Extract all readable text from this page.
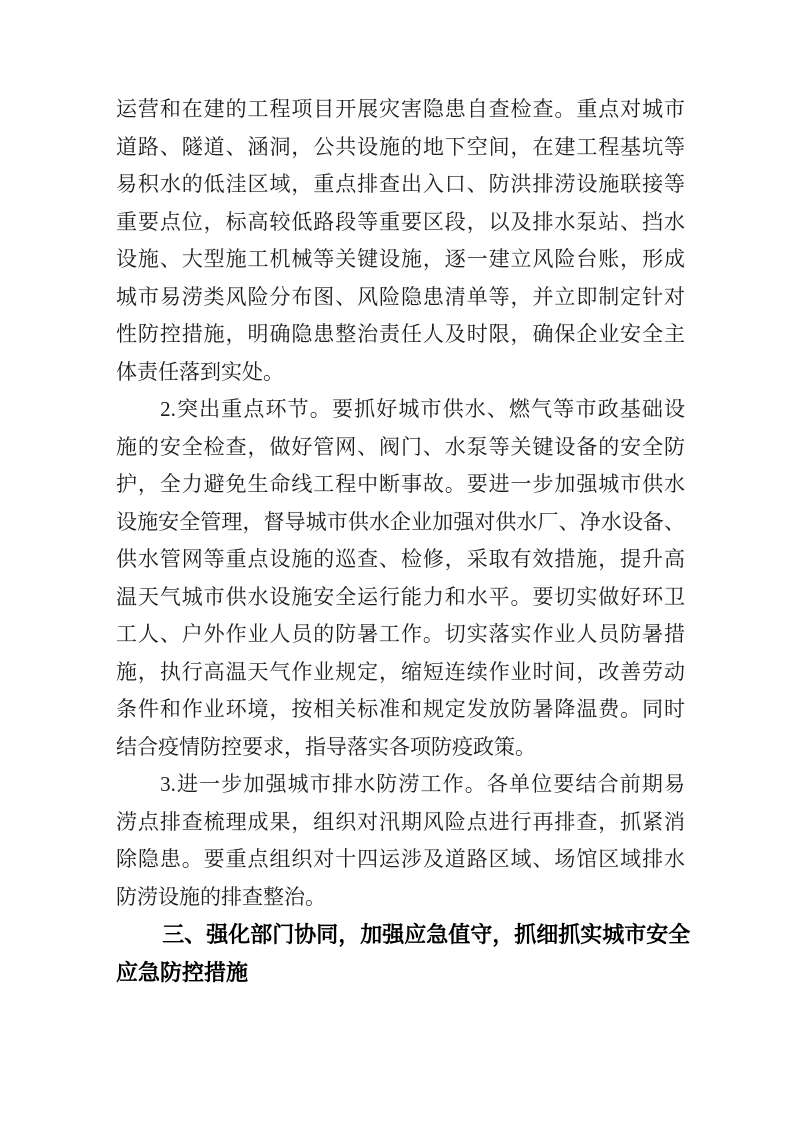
运营和在建的工程项目开展灾害隐患自查检查。重点对城市
道路、隧道、涵洞，公共设施的地下空间，在建工程基坑等
易积水的低洼区域，重点排查出入口、防洪排涝设施联接等
重要点位，标高较低路段等重要区段，以及排水泵站、挡水
设施、大型施工机械等关键设施，逐一建立风险台账，形成
城市易涝类风险分布图、风险隐患清单等，并立即制定针对
性防控措施，明确隐患整治责任人及时限，确保企业安全主
体责任落到实处。
2.突出重点环节。要抓好城市供水、燃气等市政基础设
施的安全检查，做好管网、阀门、水泵等关键设备的安全防
护，全力避免生命线工程中断事故。要进一步加强城市供水
设施安全管理，督导城市供水企业加强对供水厂、净水设备、
供水管网等重点设施的巡查、检修，采取有效措施，提升高
温天气城市供水设施安全运行能力和水平。要切实做好环卫
工人、户外作业人员的防暑工作。切实落实作业人员防暑措
施，执行高温天气作业规定，缩短连续作业时间，改善劳动
条件和作业环境，按相关标准和规定发放防暑降温费。同时
结合疫情防控要求，指导落实各项防疫政策。
3.进一步加强城市排水防涝工作。各单位要结合前期易
涝点排查梳理成果，组织对汛期风险点进行再排查，抓紧消
除隐患。要重点组织对十四运涉及道路区域、场馆区域排水
防涝设施的排查整治。
三、强化部门协同，加强应急值守，抓细抓实城市安全
应急防控措施
